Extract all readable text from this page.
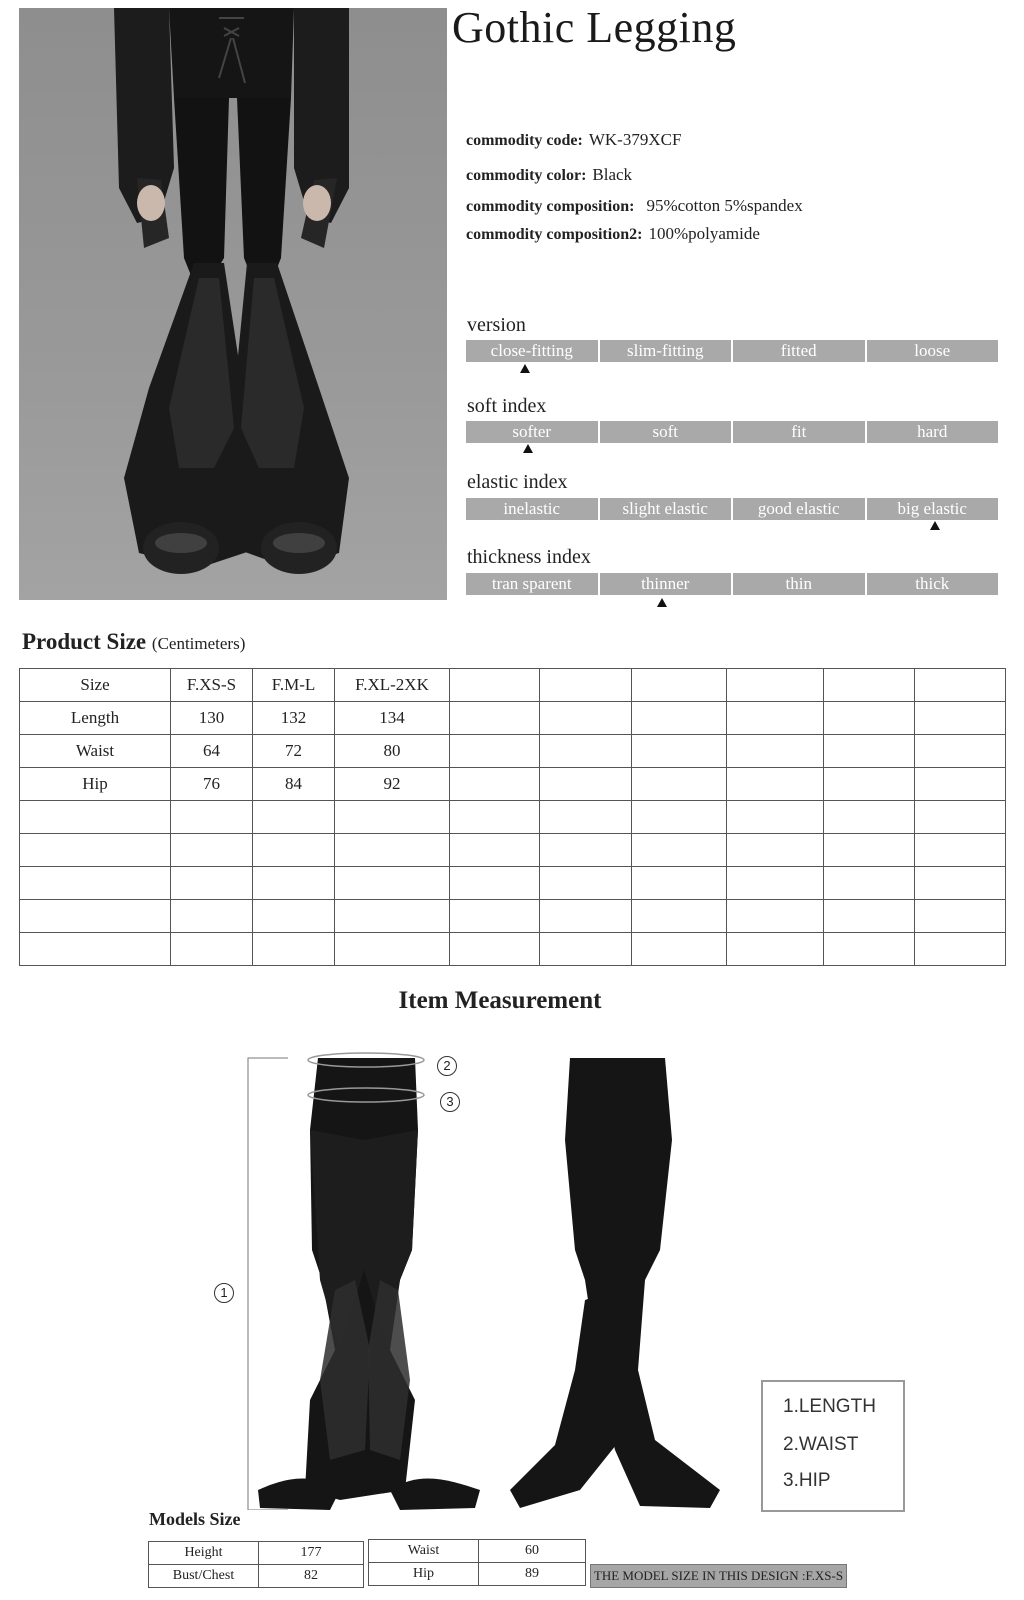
Gothic Legging
commodity code: WK-379XCF
commodity color: Black
commodity composition: 95%cotton 5%spandex
commodity composition2: 100%polyamide
version
close-fitting	slim-fitting	fitted	loose
soft index
softer	soft	fit	hard
elastic index
inelastic	slight elastic	good elastic	big elastic
thickness index
tran sparent	thinner	thin	thick
Product Size (Centimeters)
Size	F.XS-S	F.M-L	F.XL-2XK						
Length	130	132	134						
Waist	64	72	80						
Hip	76	84	92						

Item Measurement
2
3
1
1.LENGTH
2.WAIST
3.HIP
Models Size
Height	177
Bust/Chest	82
Waist	60
Hip	89	THE MODEL SIZE IN THIS DESIGN :F.XS-S
